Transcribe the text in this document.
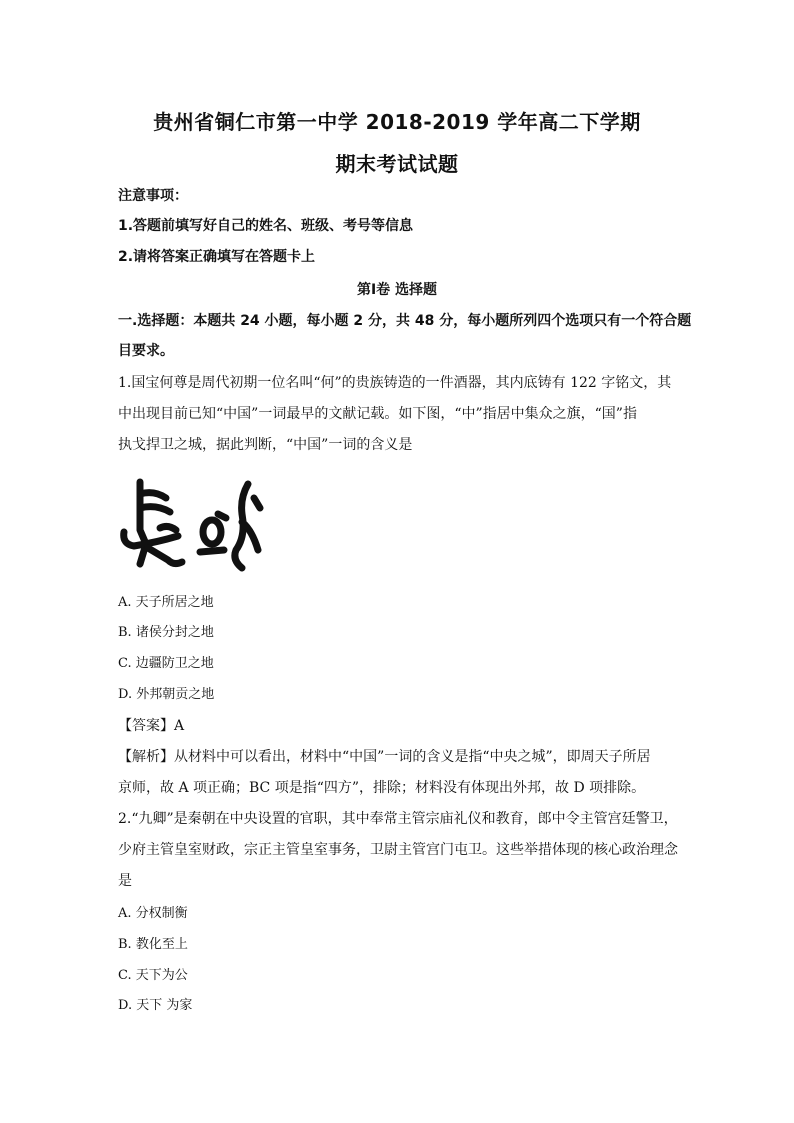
贵州省铜仁市第一中学 2018-2019 学年高二下学期
期末考试试题
注意事项：
1.答题前填写好自己的姓名、班级、考号等信息
2.请将答案正确填写在答题卡上
第Ⅰ卷 选择题
一.选择题：本题共 24 小题，每小题 2 分，共 48 分，每小题所列四个选项只有一个符合题
目要求。
1.国宝何尊是周代初期一位名叫“何”的贵族铸造的一件酒器，其内底铸有 122 字铭文，其
中出现目前已知“中国”一词最早的文献记载。如下图，“中”指居中集众之旗，“国”指
执戈捍卫之城，据此判断，“中国”一词的含义是
A. 天子所居之地
B. 诸侯分封之地
C. 边疆防卫之地
D. 外邦朝贡之地
【答案】A
【解析】从材料中可以看出，材料中“中国”一词的含义是指“中央之城”，即周天子所居
京师，故 A 项正确；BC 项是指“四方”，排除；材料没有体现出外邦，故 D 项排除。
2.“九卿”是秦朝在中央设置的官职，其中奉常主管宗庙礼仪和教育，郎中令主管宫廷警卫，
少府主管皇室财政，宗正主管皇室事务，卫尉主管宫门屯卫。这些举措体现的核心政治理念
是
A. 分权制衡
B. 教化至上
C. 天下为公
D. 天下 为家
